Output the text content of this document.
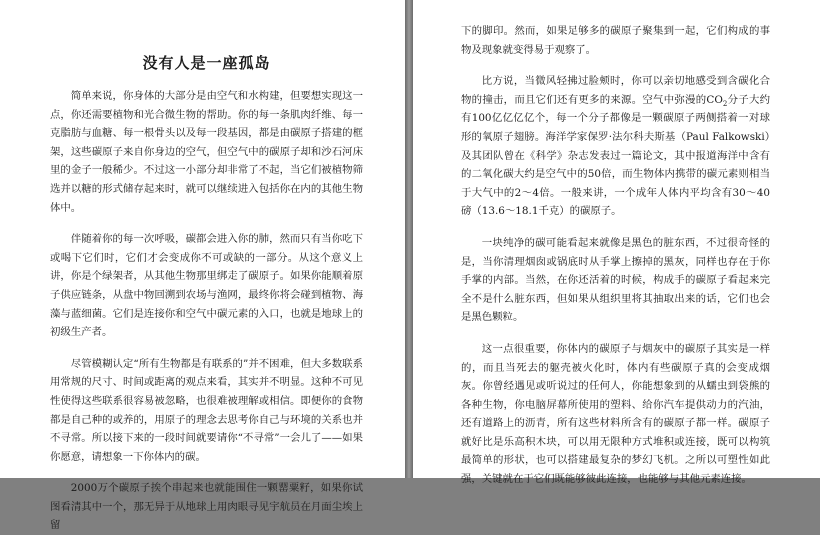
没有人是一座孤岛

简单来说，你身体的大部分是由空气和水构建，但要想实现这一点，你还需要植物和光合微生物的帮助。你的每一条肌肉纤维、每一克脂肪与血糖、每一根骨头以及每一段基因，都是由碳原子搭建的框架，这些碳原子来自你身边的空气，但空气中的碳原子却和沙石河床里的金子一般稀少。不过这一小部分却非常了不起，当它们被植物筛选并以糖的形式储存起来时，就可以继续进入包括你在内的其他生物体中。

伴随着你的每一次呼吸，碳都会进入你的肺，然而只有当你吃下或喝下它们时，它们才会变成你不可或缺的一部分。从这个意义上讲，你是个绿架者，从其他生物那里绑走了碳原子。如果你能顺着原子供应链条，从盘中物回溯到农场与渔网，最终你将会碰到植物、海藻与蓝细菌。它们是连接你和空气中碳元素的入口，也就是地球上的初级生产者。

尽管模糊认定“所有生物都是有联系的”并不困难，但大多数联系用常规的尺寸、时间或距离的观点来看，其实并不明显。这种不可见性使得这些联系很容易被忽略，也很难被理解或相信。即便你的食物都是自己种的或养的，用原子的理念去思考你自己与环境的关系也并不寻常。所以接下来的一段时间就要请你“不寻常”一会儿了——如果你愿意，请想象一下你体内的碳。

2000万个碳原子挨个串起来也就能围住一颗罂粟籽，如果你试图看清其中一个，那无异于从地球上用肉眼寻见宇航员在月面尘埃上留

下的脚印。然而，如果足够多的碳原子聚集到一起，它们构成的事物及现象就变得易于观察了。

比方说，当微风轻拂过脸颊时，你可以亲切地感受到含碳化合物的撞击，而且它们还有更多的来源。空气中弥漫的$CO_2$分子大约有100亿亿亿亿个，每一个分子都像是一颗碳原子两侧搭着一对球形的氧原子翅膀。海洋学家保罗·法尔科夫斯基（Paul Falkowski）及其团队曾在《科学》杂志发表过一篇论文，其中报道海洋中含有的二氧化碳大约是空气中的50倍，而生物体内携带的碳元素则相当于大气中的2～4倍。一般来讲，一个成年人体内平均含有30～40磅（13.6～18.1千克）的碳原子。

一块纯净的碳可能看起来就像是黑色的脏东西，不过很奇怪的是，当你清理烟囱或锅底时从手掌上擦掉的黑灰，同样也存在于你手掌的内部。当然，在你还活着的时候，构成手的碳原子看起来完全不是什么脏东西，但如果从组织里将其抽取出来的话，它们也会是黑色颗粒。

这一点很重要，你体内的碳原子与烟灰中的碳原子其实是一样的，而且当死去的躯壳被火化时，体内有些碳原子真的会变成烟灰。你曾经遇见或听说过的任何人，你能想象到的从蠕虫到袋熊的各种生物，你电脑屏幕所使用的塑料、给你汽车提供动力的汽油，还有道路上的沥青，所有这些材料所含有的碳原子都一样。碳原子就好比是乐高积木块，可以用无限种方式堆积或连接，既可以构筑最简单的形状，也可以搭建最复杂的梦幻飞机。之所以可塑性如此强，关键就在于它们既能够彼此连接，也能够与其他元素连接。
